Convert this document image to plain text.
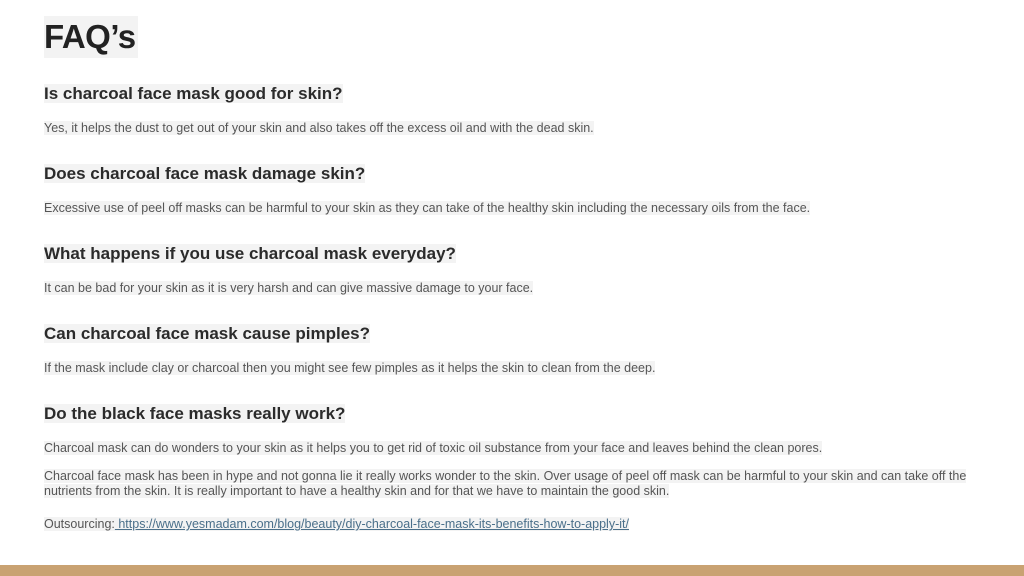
FAQ’s
Is charcoal face mask good for skin?
Yes, it helps the dust to get out of your skin and also takes off the excess oil and with the dead skin.
Does charcoal face mask damage skin?
Excessive use of peel off masks can be harmful to your skin as they can take of the healthy skin including the necessary oils from the face.
What happens if you use charcoal mask everyday?
It can be bad for your skin as it is very harsh and can give massive damage to your face.
Can charcoal face mask cause pimples?
If the mask include clay or charcoal then you might see few pimples as it helps the skin to clean from the deep.
Do the black face masks really work?
Charcoal mask can do wonders to your skin as it helps you to get rid of toxic oil substance from your face and leaves behind the clean pores.
Charcoal face mask has been in hype and not gonna lie it really works wonder to the skin. Over usage of peel off mask can be harmful to your skin and can take off the nutrients from the skin. It is really important to have a healthy skin and for that we have to maintain the good skin.
Outsourcing: https://www.yesmadam.com/blog/beauty/diy-charcoal-face-mask-its-benefits-how-to-apply-it/
